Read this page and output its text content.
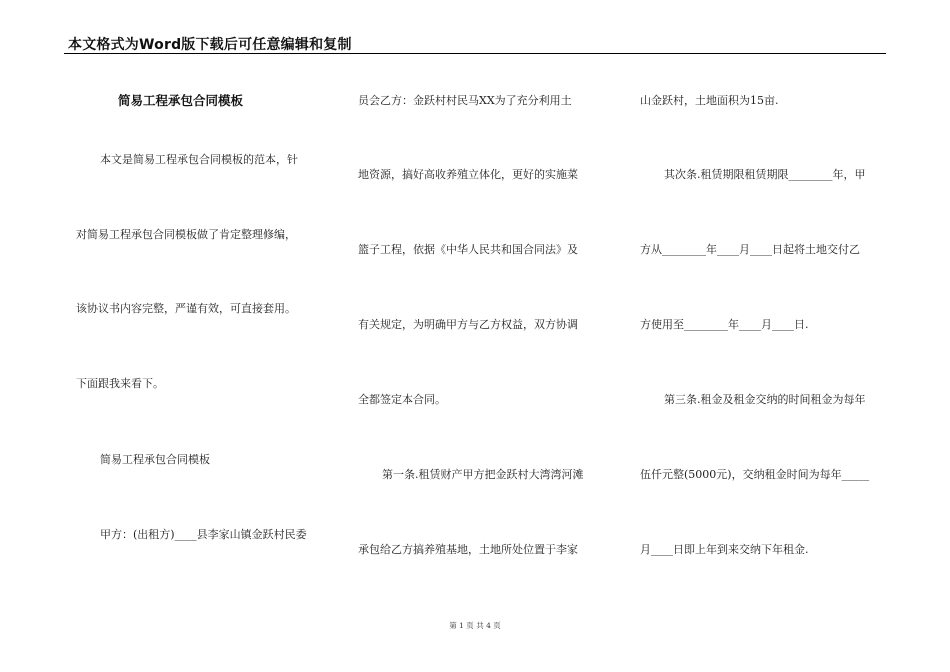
本文格式为Word版下载后可任意编辑和复制
简易工程承包合同模板
本文是简易工程承包合同模板的范本，针
对简易工程承包合同模板做了肯定整理修编，
该协议书内容完整，严谨有效，可直接套用。
下面跟我来看下。
简易工程承包合同模板
甲方：(出租方)____县李家山镇金跃村民委
员会乙方：金跃村村民马XX为了充分利用土
地资源，搞好高收养殖立体化，更好的实施菜
篮子工程，依据《中华人民共和国合同法》及
有关规定，为明确甲方与乙方权益，双方协调
全都签定本合同。
第一条.租赁财产甲方把金跃村大湾湾河滩
承包给乙方搞养殖基地，土地所处位置于李家
山金跃村，土地面积为15亩.
其次条.租赁期限租赁期限________年，甲
方从________年____月____日起将土地交付乙
方使用至________年____月____日.
第三条.租金及租金交纳的时间租金为每年
伍仟元整(5000元)，交纳租金时间为每年_____
月____日即上年到来交纳下年租金.
第 1 页 共 4 页
